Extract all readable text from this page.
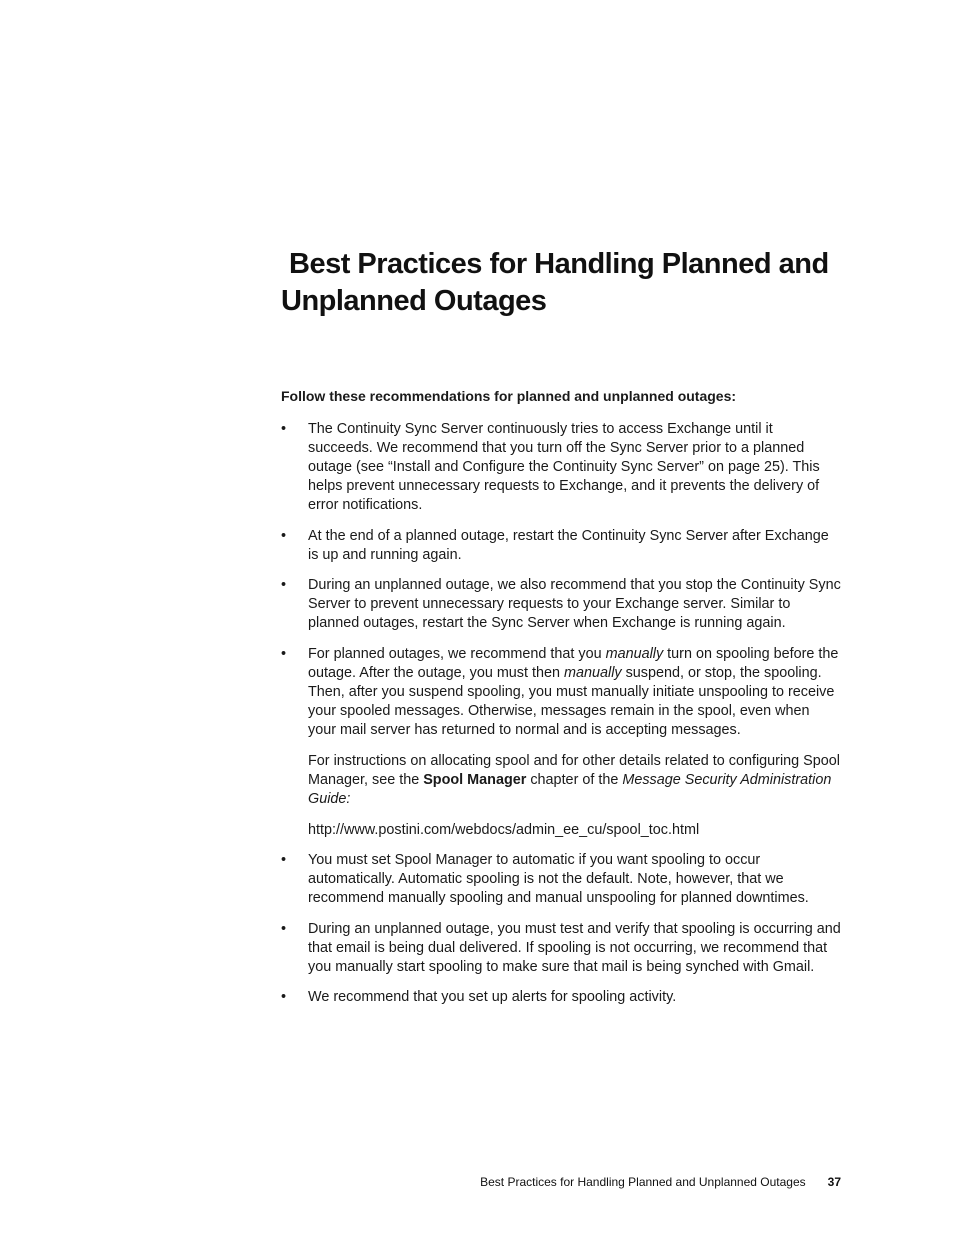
Best Practices for Handling Planned and
Unplanned Outages

Follow these recommendations for planned and unplanned outages:

• The Continuity Sync Server continuously tries to access Exchange until it succeeds. We recommend that you turn off the Sync Server prior to a planned outage (see “Install and Configure the Continuity Sync Server” on page 25). This helps prevent unnecessary requests to Exchange, and it prevents the delivery of error notifications.
• At the end of a planned outage, restart the Continuity Sync Server after Exchange is up and running again.
• During an unplanned outage, we also recommend that you stop the Continuity Sync Server to prevent unnecessary requests to your Exchange server. Similar to planned outages, restart the Sync Server when Exchange is running again.
• For planned outages, we recommend that you manually turn on spooling before the outage. After the outage, you must then manually suspend, or stop, the spooling. Then, after you suspend spooling, you must manually initiate unspooling to receive your spooled messages. Otherwise, messages remain in the spool, even when your mail server has returned to normal and is accepting messages.
For instructions on allocating spool and for other details related to configuring Spool Manager, see the Spool Manager chapter of the Message Security Administration Guide:
http://www.postini.com/webdocs/admin_ee_cu/spool_toc.html
• You must set Spool Manager to automatic if you want spooling to occur automatically. Automatic spooling is not the default. Note, however, that we recommend manually spooling and manual unspooling for planned downtimes.
• During an unplanned outage, you must test and verify that spooling is occurring and that email is being dual delivered. If spooling is not occurring, we recommend that you manually start spooling to make sure that mail is being synched with Gmail.
• We recommend that you set up alerts for spooling activity.
Best Practices for Handling Planned and Unplanned Outages 37
